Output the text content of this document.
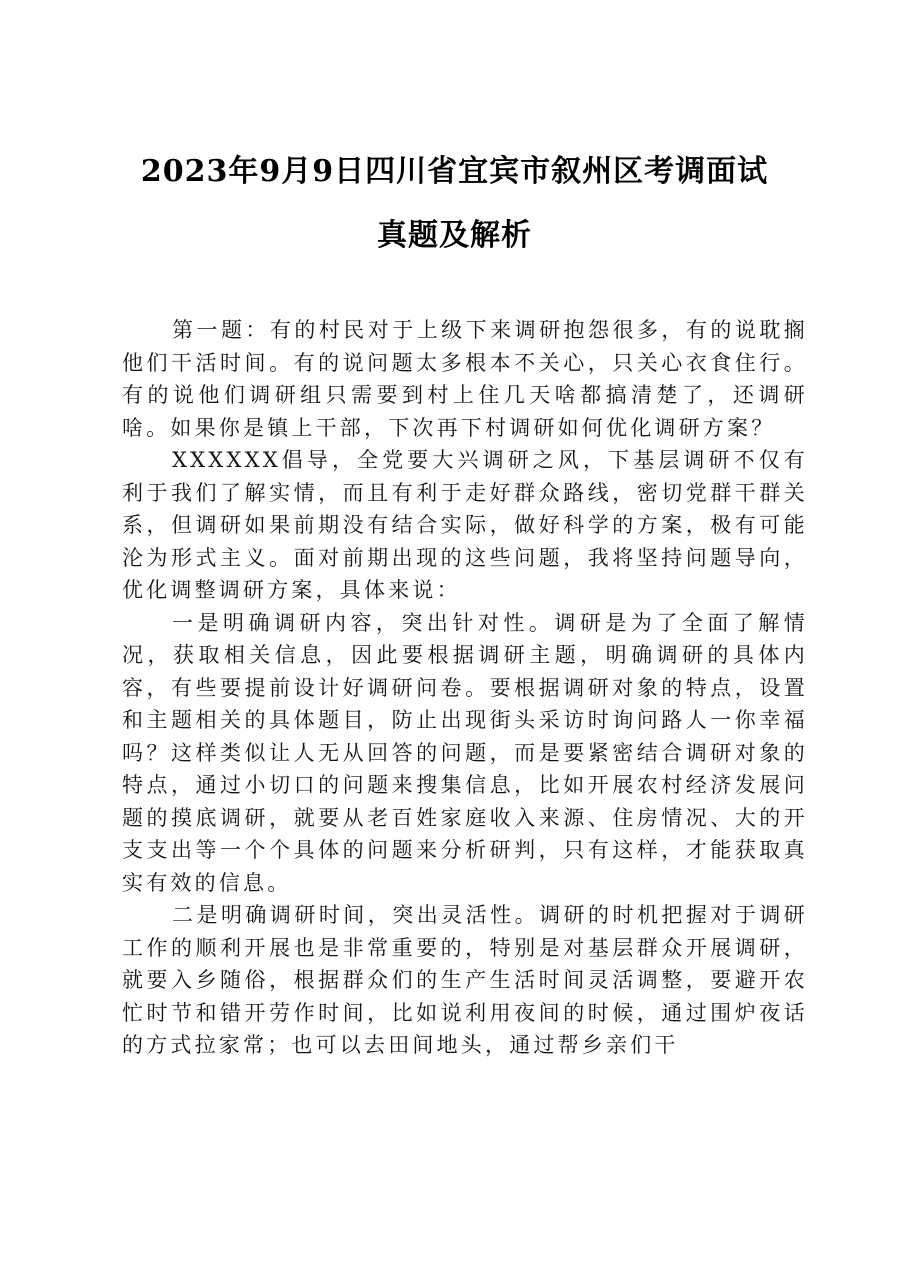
2023年9月9日四川省宜宾市叙州区考调面试
真题及解析

第一题：有的村民对于上级下来调研抱怨很多，有的说耽搁他们干活时间。有的说问题太多根本不关心，只关心衣食住行。有的说他们调研组只需要到村上住几天啥都搞清楚了，还调研啥。如果你是镇上干部，下次再下村调研如何优化调研方案？

XXXXXX倡导，全党要大兴调研之风，下基层调研不仅有利于我们了解实情，而且有利于走好群众路线，密切党群干群关系，但调研如果前期没有结合实际，做好科学的方案，极有可能沦为形式主义。面对前期出现的这些问题，我将坚持问题导向，优化调整调研方案，具体来说：

一是明确调研内容，突出针对性。调研是为了全面了解情况，获取相关信息，因此要根据调研主题，明确调研的具体内容，有些要提前设计好调研问卷。要根据调研对象的特点，设置和主题相关的具体题目，防止出现街头采访时询问路人一你幸福吗？这样类似让人无从回答的问题，而是要紧密结合调研对象的特点，通过小切口的问题来搜集信息，比如开展农村经济发展问题的摸底调研，就要从老百姓家庭收入来源、住房情况、大的开支支出等一个个具体的问题来分析研判，只有这样，才能获取真实有效的信息。

二是明确调研时间，突出灵活性。调研的时机把握对于调研工作的顺利开展也是非常重要的，特别是对基层群众开展调研，就要入乡随俗，根据群众们的生产生活时间灵活调整，要避开农忙时节和错开劳作时间，比如说利用夜间的时候，通过围炉夜话的方式拉家常；也可以去田间地头，通过帮乡亲们干
